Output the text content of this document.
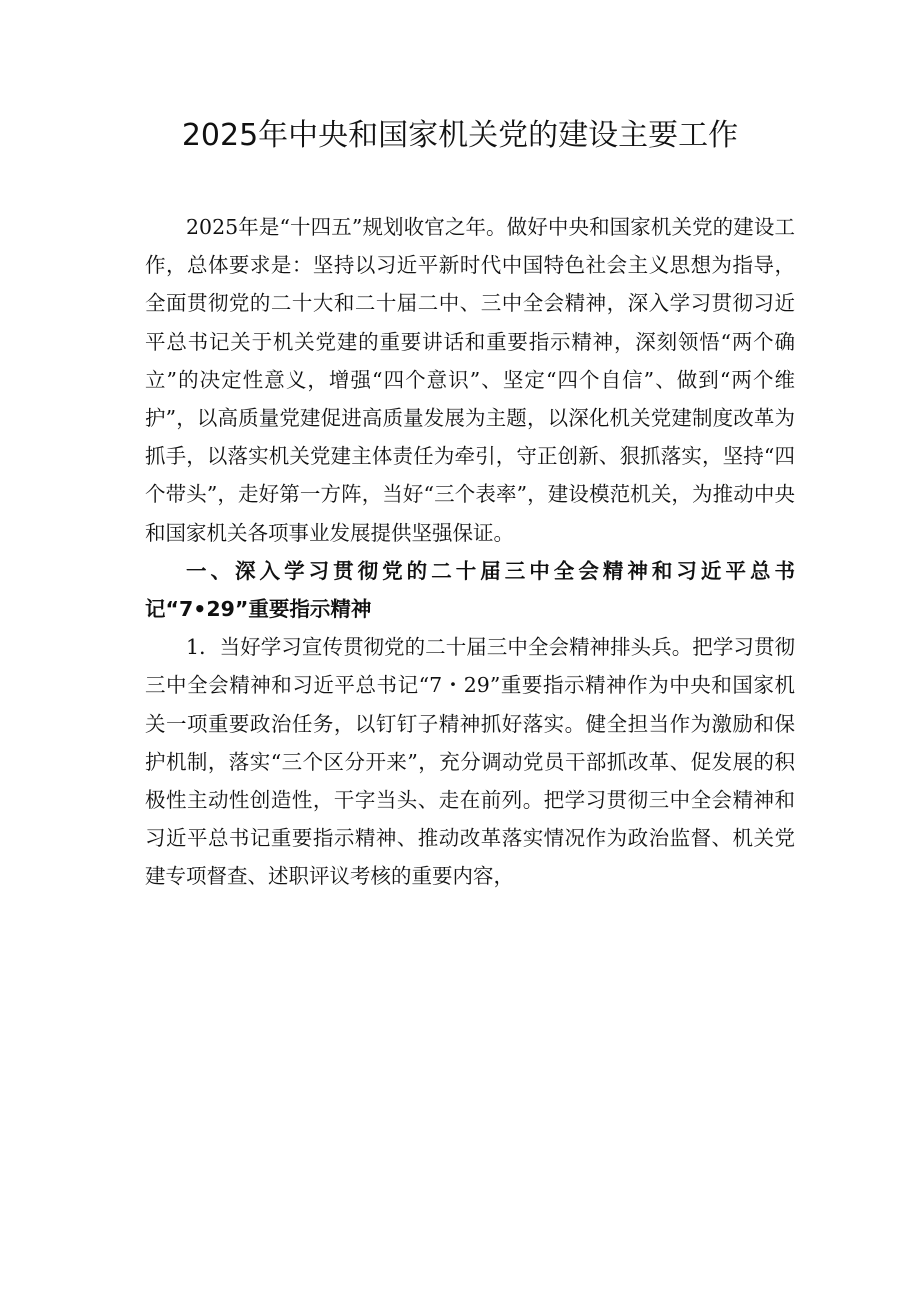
2025年中央和国家机关党的建设主要工作

2025年是“十四五”规划收官之年。做好中央和国家机关党的建设工作，总体要求是：坚持以习近平新时代中国特色社会主义思想为指导，全面贯彻党的二十大和二十届二中、三中全会精神，深入学习贯彻习近平总书记关于机关党建的重要讲话和重要指示精神，深刻领悟“两个确立”的决定性意义，增强“四个意识”、坚定“四个自信”、做到“两个维护”，以高质量党建促进高质量发展为主题，以深化机关党建制度改革为抓手，以落实机关党建主体责任为牵引，守正创新、狠抓落实，坚持“四个带头”，走好第一方阵，当好“三个表率”，建设模范机关，为推动中央和国家机关各项事业发展提供坚强保证。

一、深入学习贯彻党的二十届三中全会精神和习近平总书记“7•29”重要指示精神

1．当好学习宣传贯彻党的二十届三中全会精神排头兵。把学习贯彻三中全会精神和习近平总书记“7・29”重要指示精神作为中央和国家机关一项重要政治任务，以钉钉子精神抓好落实。健全担当作为激励和保护机制，落实“三个区分开来”，充分调动党员干部抓改革、促发展的积极性主动性创造性，干字当头、走在前列。把学习贯彻三中全会精神和习近平总书记重要指示精神、推动改革落实情况作为政治监督、机关党建专项督查、述职评议考核的重要内容，
